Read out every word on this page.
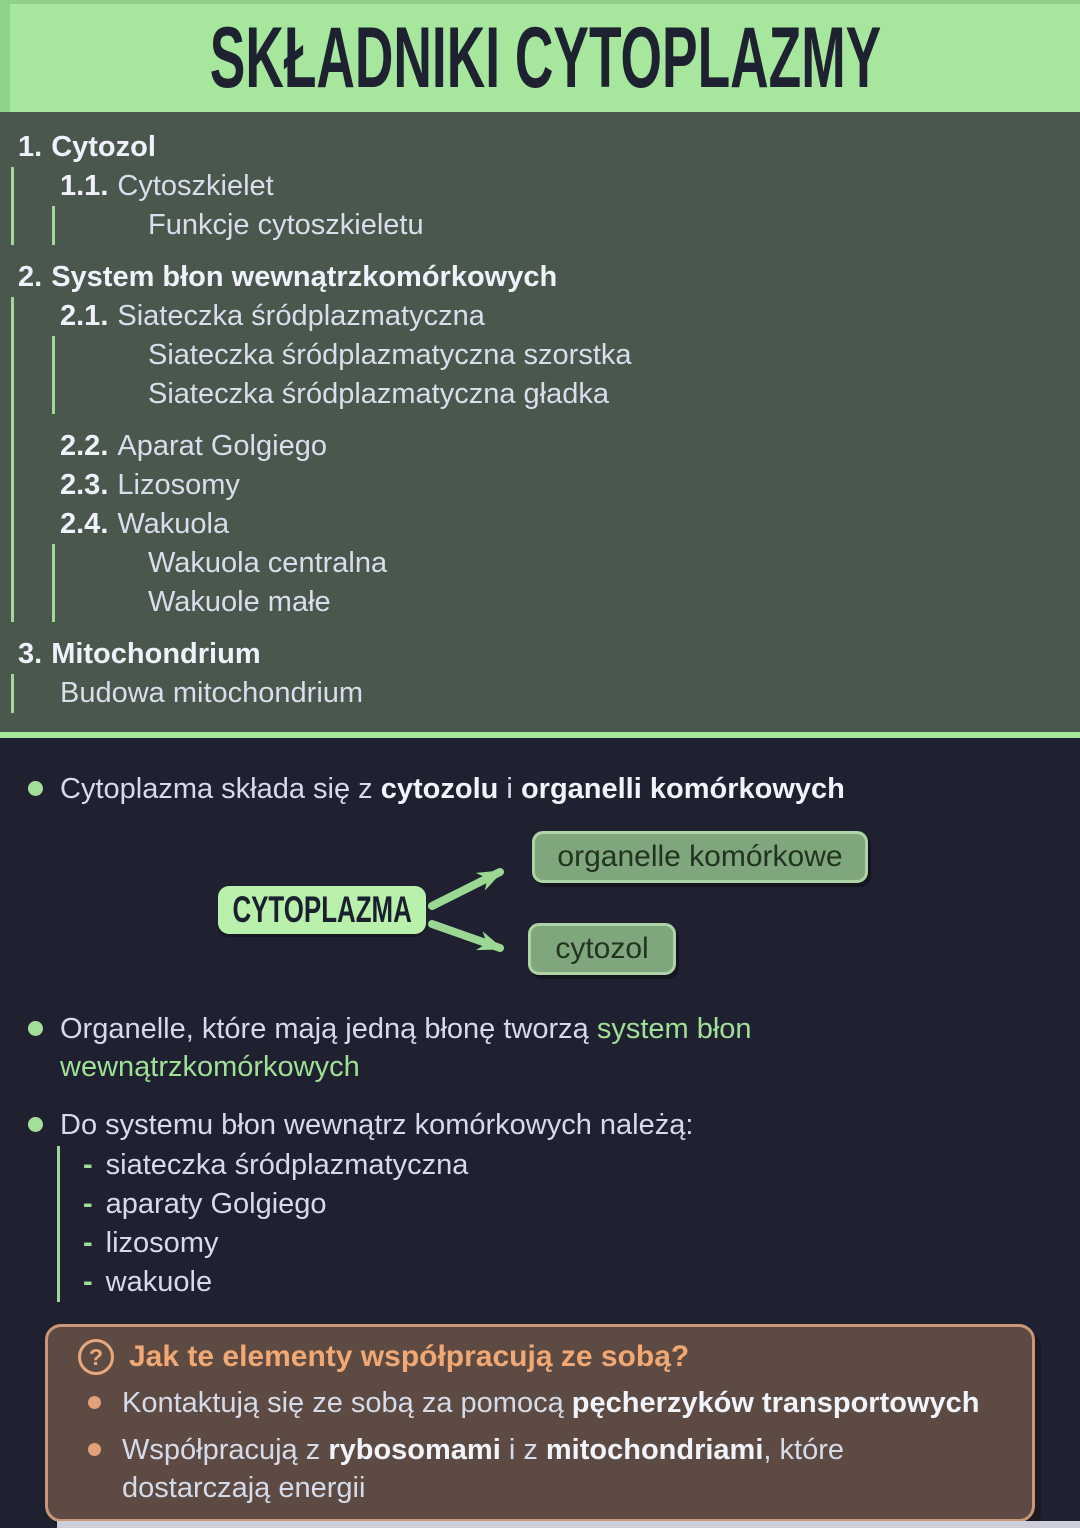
SKŁADNIKI CYTOPLAZMY
1. Cytozol
1.1. Cytoszkielet
Funkcje cytoszkieletu
2. System błon wewnątrzkomórkowych
2.1. Siateczka śródplazmatyczna
Siateczka śródplazmatyczna szorstka
Siateczka śródplazmatyczna gładka
2.2. Aparat Golgiego
2.3. Lizosomy
2.4. Wakuola
Wakuola centralna
Wakuole małe
3. Mitochondrium
Budowa mitochondrium
Cytoplazma składa się z cytozolu i organelli komórkowych
CYTOPLAZMA
organelle komórkowe
cytozol
Organelle, które mają jedną błonę tworzą system błon wewnątrzkomórkowych
Do systemu błon wewnątrz komórkowych należą:
- siateczka śródplazmatyczna
- aparaty Golgiego
- lizosomy
- wakuole
? Jak te elementy współpracują ze sobą?
Kontaktują się ze sobą za pomocą pęcherzyków transportowych
Współpracują z rybosomami i z mitochondriami, które dostarczają energii
